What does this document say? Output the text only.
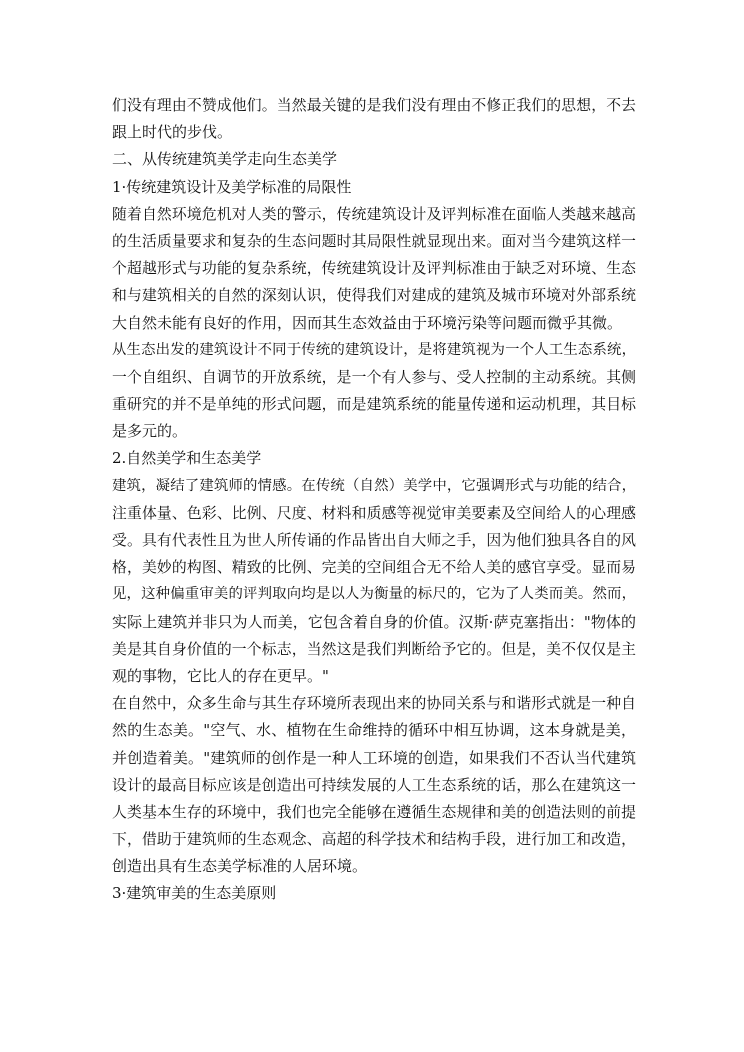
们没有理由不赞成他们。当然最关键的是我们没有理由不修正我们的思想，不去
跟上时代的步伐。
二、从传统建筑美学走向生态美学
1·传统建筑设计及美学标准的局限性
随着自然环境危机对人类的警示，传统建筑设计及评判标准在面临人类越来越高
的生活质量要求和复杂的生态问题时其局限性就显现出来。面对当今建筑这样一
个超越形式与功能的复杂系统，传统建筑设计及评判标准由于缺乏对环境、生态
和与建筑相关的自然的深刻认识，使得我们对建成的建筑及城市环境对外部系统
大自然未能有良好的作用，因而其生态效益由于环境污染等问题而微乎其微。
从生态出发的建筑设计不同于传统的建筑设计，是将建筑视为一个人工生态系统，
一个自组织、自调节的开放系统，是一个有人参与、受人控制的主动系统。其侧
重研究的并不是单纯的形式问题，而是建筑系统的能量传递和运动机理，其目标
是多元的。
2.自然美学和生态美学
建筑，凝结了建筑师的情感。在传统（自然）美学中，它强调形式与功能的结合，
注重体量、色彩、比例、尺度、材料和质感等视觉审美要素及空间给人的心理感
受。具有代表性且为世人所传诵的作品皆出自大师之手，因为他们独具各自的风
格，美妙的构图、精致的比例、完美的空间组合无不给人美的感官享受。显而易
见，这种偏重审美的评判取向均是以人为衡量的标尺的，它为了人类而美。然而，
实际上建筑并非只为人而美，它包含着自身的价值。汉斯·萨克塞指出："物体的
美是其自身价值的一个标志，当然这是我们判断给予它的。但是，美不仅仅是主
观的事物，它比人的存在更早。"
在自然中，众多生命与其生存环境所表现出来的协同关系与和谐形式就是一种自
然的生态美。"空气、水、植物在生命维持的循环中相互协调，这本身就是美，
并创造着美。"建筑师的创作是一种人工环境的创造，如果我们不否认当代建筑
设计的最高目标应该是创造出可持续发展的人工生态系统的话，那么在建筑这一
人类基本生存的环境中，我们也完全能够在遵循生态规律和美的创造法则的前提
下，借助于建筑师的生态观念、高超的科学技术和结构手段，进行加工和改造，
创造出具有生态美学标准的人居环境。
3·建筑审美的生态美原则
